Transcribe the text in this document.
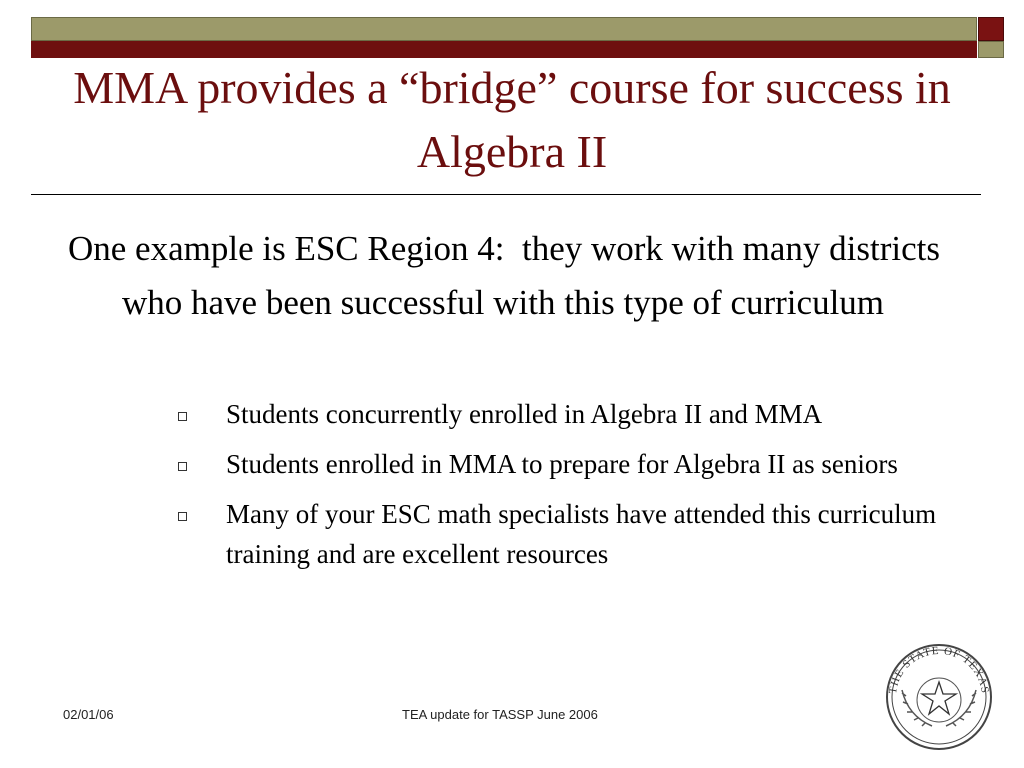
MMA provides a “bridge” course for success in Algebra II
One example is ESC Region 4:  they work with many districts who have been successful with this type of curriculum
Students concurrently enrolled in Algebra II and MMA
Students enrolled in MMA to prepare for Algebra II as seniors
Many of your ESC math specialists have attended this curriculum training and are excellent resources
02/01/06	TEA update for TASSP June 2006
THE STATE OF TEXAS
